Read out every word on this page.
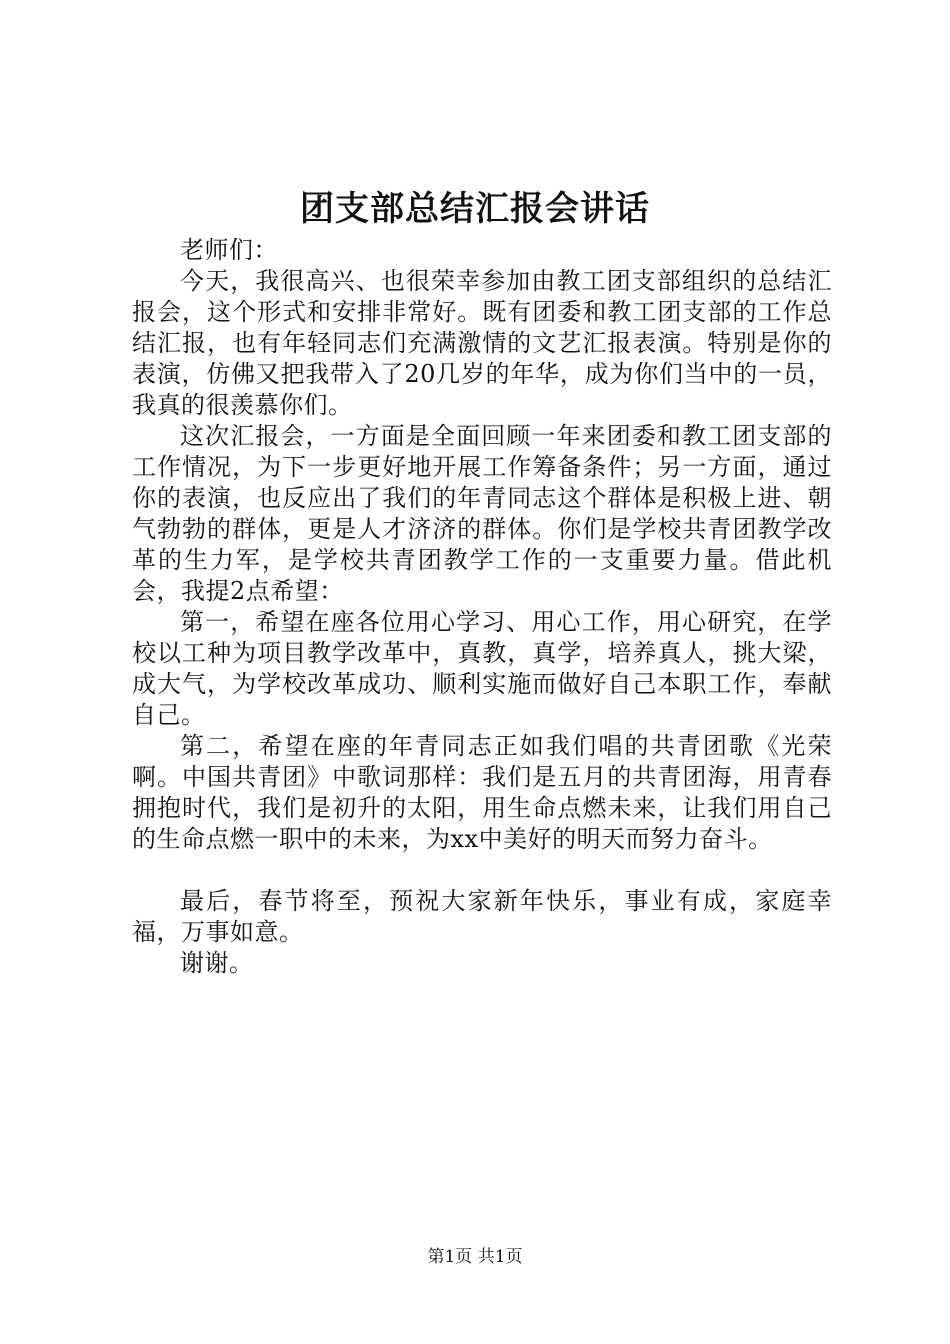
团支部总结汇报会讲话

老师们：

今天，我很高兴、也很荣幸参加由教工团支部组织的总结汇报会，这个形式和安排非常好。既有团委和教工团支部的工作总结汇报，也有年轻同志们充满激情的文艺汇报表演。特别是你的表演，仿佛又把我带入了20几岁的年华，成为你们当中的一员，我真的很羡慕你们。

这次汇报会，一方面是全面回顾一年来团委和教工团支部的工作情况，为下一步更好地开展工作筹备条件；另一方面，通过你的表演，也反应出了我们的年青同志这个群体是积极上进、朝气勃勃的群体，更是人才济济的群体。你们是学校共青团教学改革的生力军，是学校共青团教学工作的一支重要力量。借此机会，我提2点希望：

第一，希望在座各位用心学习、用心工作，用心研究，在学校以工种为项目教学改革中，真教，真学，培养真人，挑大梁，成大气，为学校改革成功、顺利实施而做好自己本职工作，奉献自己。

第二，希望在座的年青同志正如我们唱的共青团歌《光荣啊。中国共青团》中歌词那样：我们是五月的共青团海，用青春拥抱时代，我们是初升的太阳，用生命点燃未来，让我们用自己的生命点燃一职中的未来，为xx中美好的明天而努力奋斗。

最后，春节将至，预祝大家新年快乐，事业有成，家庭幸福，万事如意。

谢谢。

第1页 共1页
